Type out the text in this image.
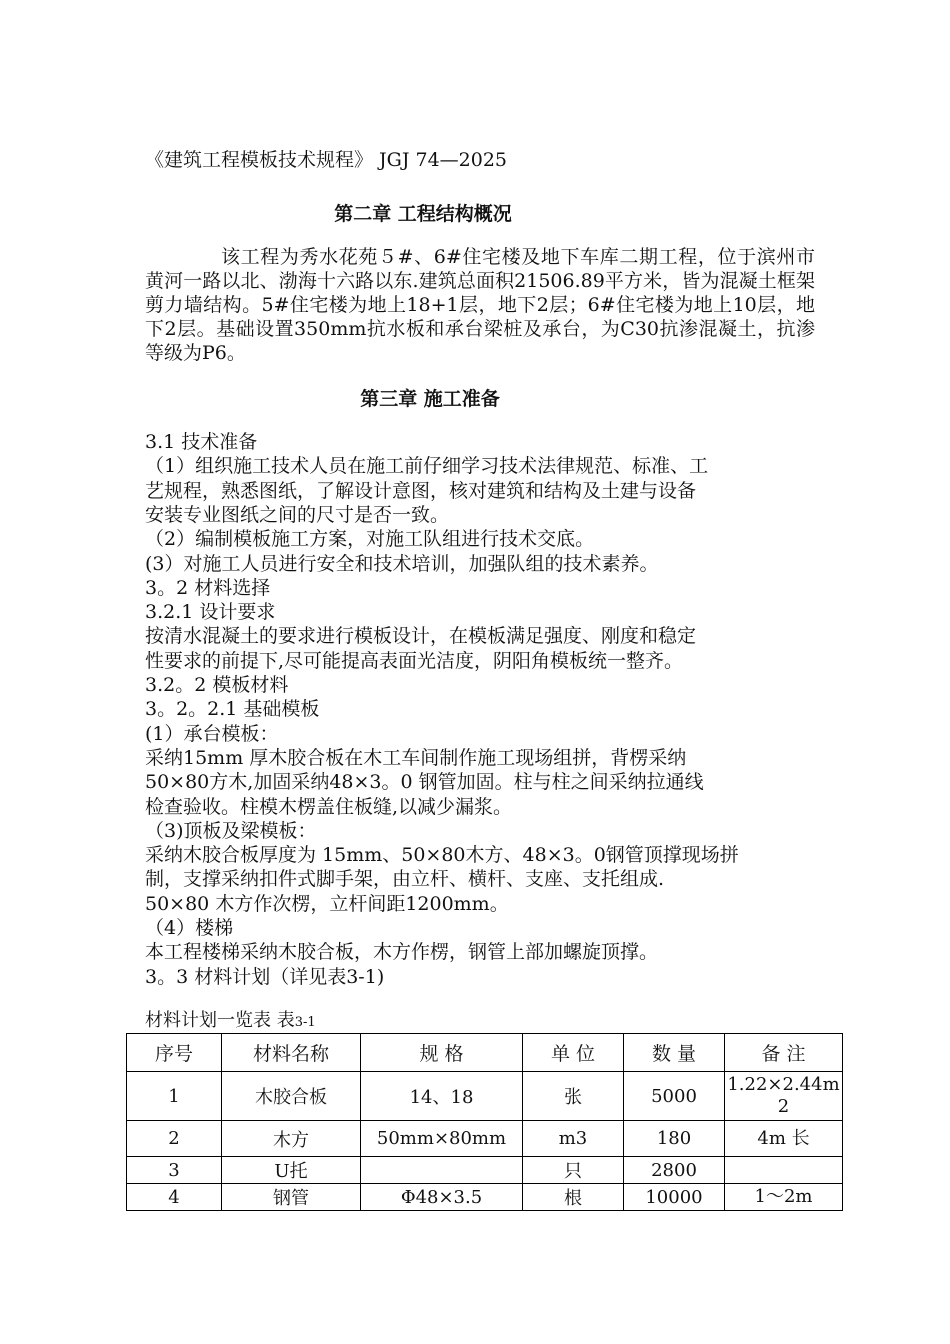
《建筑工程模板技术规程》 JGJ 74—2025
第二章 工程结构概况
该工程为秀水花苑５#、6#住宅楼及地下车库二期工程，位于滨州市黄河一路以北、渤海十六路以东.建筑总面积21506.89平方米，皆为混凝土框架剪力墙结构。5#住宅楼为地上18+1层，地下2层；6#住宅楼为地上10层，地下2层。基础设置350mm抗水板和承台梁桩及承台，为C30抗渗混凝土，抗渗等级为P6。
第三章 施工准备
3.1 技术准备
（1）组织施工技术人员在施工前仔细学习技术法律规范、标准、工
艺规程，熟悉图纸，了解设计意图，核对建筑和结构及土建与设备
安装专业图纸之间的尺寸是否一致。
（2）编制模板施工方案，对施工队组进行技术交底。
(3）对施工人员进行安全和技术培训，加强队组的技术素养。
3。2 材料选择
3.2.1 设计要求
按清水混凝土的要求进行模板设计，在模板满足强度、刚度和稳定
性要求的前提下,尽可能提高表面光洁度，阴阳角模板统一整齐。
3.2。2 模板材料
3。2。2.1 基础模板
(1）承台模板：
采纳15mm 厚木胶合板在木工车间制作施工现场组拼，背楞采纳
50×80方木,加固采纳48×3。0 钢管加固。柱与柱之间采纳拉通线
检查验收。柱模木楞盖住板缝,以减少漏浆。
（3)顶板及梁模板：
采纳木胶合板厚度为 15mm、50×80木方、48×3。0钢管顶撑现场拼
制，支撑采纳扣件式脚手架，由立杆、横杆、支座、支托组成.
50×80 木方作次楞，立杆间距1200mm。
（4）楼梯
本工程楼梯采纳木胶合板，木方作楞，钢管上部加螺旋顶撑。
3。3 材料计划（详见表3-1)
材料计划一览表 表3-1
序号	材料名称	规 格	单 位	数 量	备 注
1	木胶合板	14、18	张	5000	1.22×2.44m2
2	木方	50mm×80mm	m3	180	4m 长
3	U托		只	2800	
4	钢管	Φ48×3.5	根	10000	1～2m
